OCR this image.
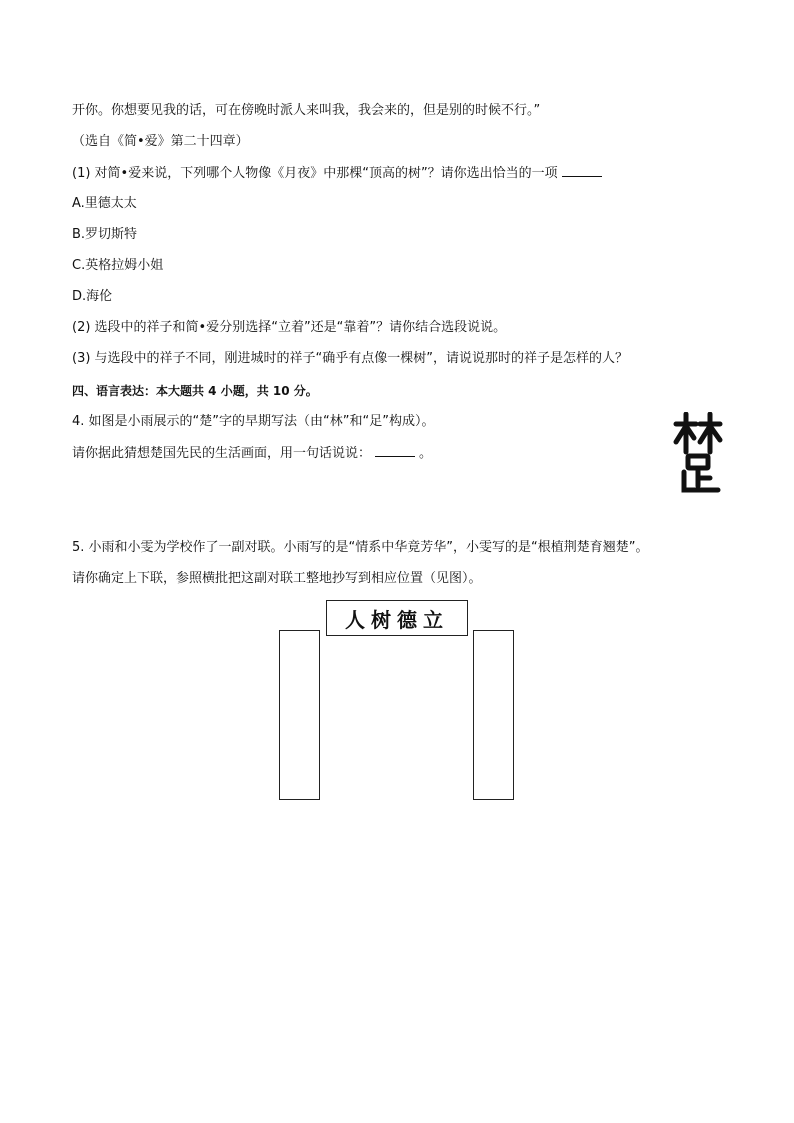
开你。你想要见我的话，可在傍晚时派人来叫我，我会来的，但是别的时候不行。”
（选自《简•爱》第二十四章）
(1) 对简•爱来说，下列哪个人物像《月夜》中那棵“顶高的树”？请你选出恰当的一项
A.里德太太
B.罗切斯特
C.英格拉姆小姐
D.海伦
(2) 选段中的祥子和简•爱分别选择“立着”还是“靠着”？请你结合选段说说。
(3) 与选段中的祥子不同，刚进城时的祥子“确乎有点像一棵树”，请说说那时的祥子是怎样的人？
四、语言表达：本大题共 4 小题，共 10 分。
4. 如图是小雨展示的“楚”字的早期写法（由“林”和“足”构成）。
请你据此猜想楚国先民的生活画面，用一句话说说：	。
5. 小雨和小雯为学校作了一副对联。小雨写的是“情系中华竟芳华”，小雯写的是“根植荆楚育翘楚”。
请你确定上下联，参照横批把这副对联工整地抄写到相应位置（见图）。
人树德立
